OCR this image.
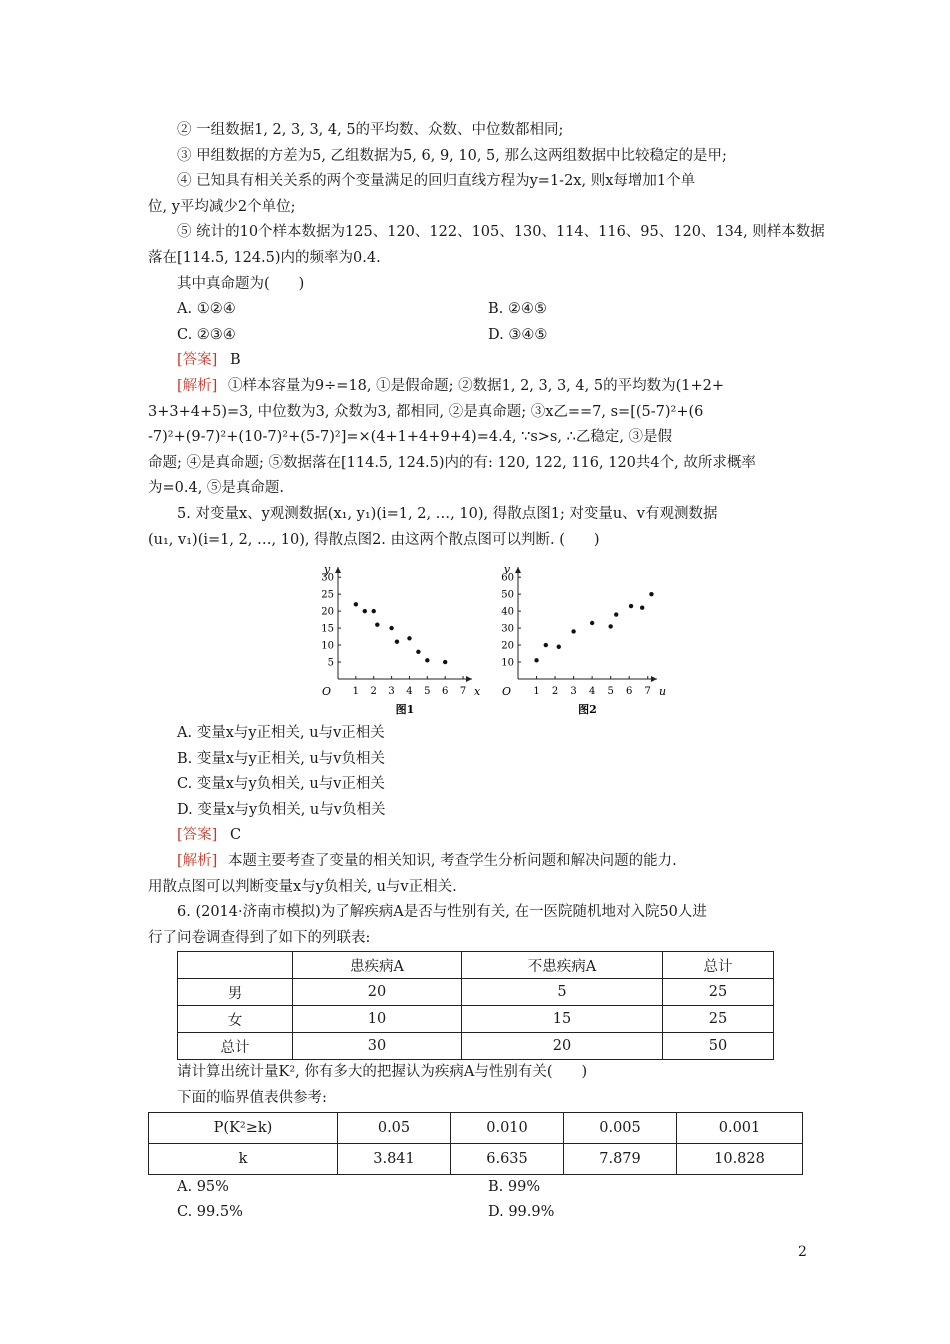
② 一组数据1, 2, 3, 3, 4, 5的平均数、众数、中位数都相同;
③ 甲组数据的方差为5, 乙组数据为5, 6, 9, 10, 5, 那么这两组数据中比较稳定的是甲;
④ 已知具有相关关系的两个变量满足的回归直线方程为y=1-2x, 则x每增加1个单
位, y平均减少2个单位;
⑤ 统计的10个样本数据为125、120、122、105、130、114、116、95、120、134, 则样本数据
落在[114.5, 124.5)内的频率为0.4.
其中真命题为(　　)
A. ①②④	B. ②④⑤
C. ②③④	D. ③④⑤
[答案] B
[解析] ①样本容量为9÷=18, ①是假命题; ②数据1, 2, 3, 3, 4, 5的平均数为(1+2+
3+3+4+5)=3, 中位数为3, 众数为3, 都相同, ②是真命题; ③x乙==7, s=[(5-7)²+(6
-7)²+(9-7)²+(10-7)²+(5-7)²]=×(4+1+4+9+4)=4.4, ∵s>s, ∴乙稳定, ③是假
命题; ④是真命题; ⑤数据落在[114.5, 124.5)内的有: 120, 122, 116, 120共4个, 故所求概率
为=0.4, ⑤是真命题.
5. 对变量x、y观测数据(x₁, y₁)(i=1, 2, …, 10), 得散点图1; 对变量u、v有观测数据
(u₁, v₁)(i=1, 2, …, 10), 得散点图2. 由这两个散点图可以判断. (　　)
x
y
O 1 2 3 4 5 6 7
5
10
15
20
25
30
图1
u
v
O 1 2 3 4 5 6 7
10
20
30
40
50
60
图2
A. 变量x与y正相关, u与v正相关
B. 变量x与y正相关, u与v负相关
C. 变量x与y负相关, u与v正相关
D. 变量x与y负相关, u与v负相关
[答案] C
[解析] 本题主要考查了变量的相关知识, 考查学生分析问题和解决问题的能力.
用散点图可以判断变量x与y负相关, u与v正相关.
6. (2014·济南市模拟)为了解疾病A是否与性别有关, 在一医院随机地对入院50人进
行了问卷调查得到了如下的列联表:
	患疾病A	不患疾病A	总计
男	20	5	25
女	10	15	25
总计	30	20	50
请计算出统计量K², 你有多大的把握认为疾病A与性别有关(　　)
下面的临界值表供参考:
P(K²≥k)	0.05	0.010	0.005	0.001
k	3.841	6.635	7.879	10.828
A. 95%	B. 99%
C. 99.5%	D. 99.9%
2
